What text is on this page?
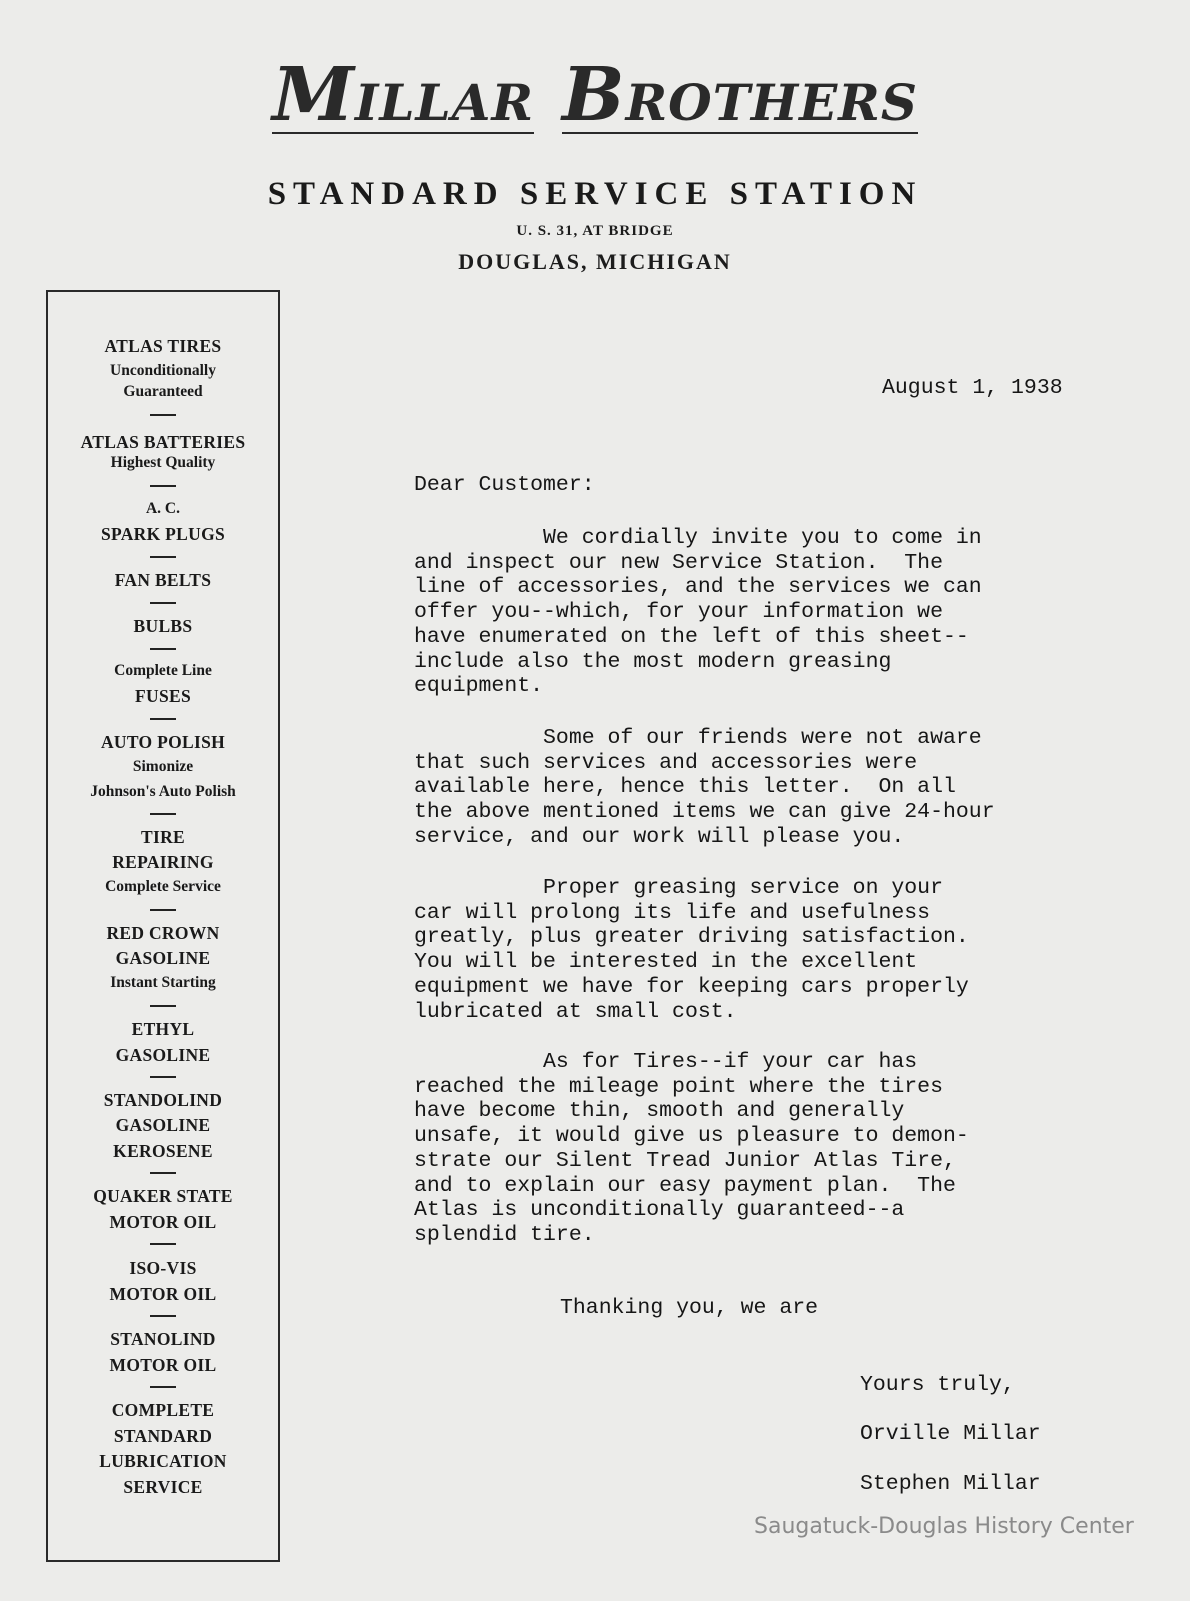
MILLAR BROTHERS
STANDARD SERVICE STATION
U. S. 31, AT BRIDGE
DOUGLAS, MICHIGAN
ATLAS TIRES
Unconditionally
Guaranteed
ATLAS BATTERIES
Highest Quality
A. C.
SPARK PLUGS
FAN BELTS
BULBS
Complete Line
FUSES
AUTO POLISH
Simonize
Johnson's Auto Polish
TIRE
REPAIRING
Complete Service
RED CROWN
GASOLINE
Instant Starting
ETHYL
GASOLINE
STANDOLIND
GASOLINE
KEROSENE
QUAKER STATE
MOTOR OIL
ISO-VIS
MOTOR OIL
STANOLIND
MOTOR OIL
COMPLETE
STANDARD
LUBRICATION
SERVICE
August 1, 1938
Dear Customer:
We cordially invite you to come in
and inspect our new Service Station.  The
line of accessories, and the services we can
offer you--which, for your information we
have enumerated on the left of this sheet--
include also the most modern greasing
equipment.
Some of our friends were not aware
that such services and accessories were
available here, hence this letter.  On all
the above mentioned items we can give 24-hour
service, and our work will please you.
Proper greasing service on your
car will prolong its life and usefulness
greatly, plus greater driving satisfaction.
You will be interested in the excellent
equipment we have for keeping cars properly
lubricated at small cost.
As for Tires--if your car has
reached the mileage point where the tires
have become thin, smooth and generally
unsafe, it would give us pleasure to demon-
strate our Silent Tread Junior Atlas Tire,
and to explain our easy payment plan.  The
Atlas is unconditionally guaranteed--a
splendid tire.
Thanking you, we are
Yours truly,
Orville Millar
Stephen Millar
Saugatuck-Douglas History Center
